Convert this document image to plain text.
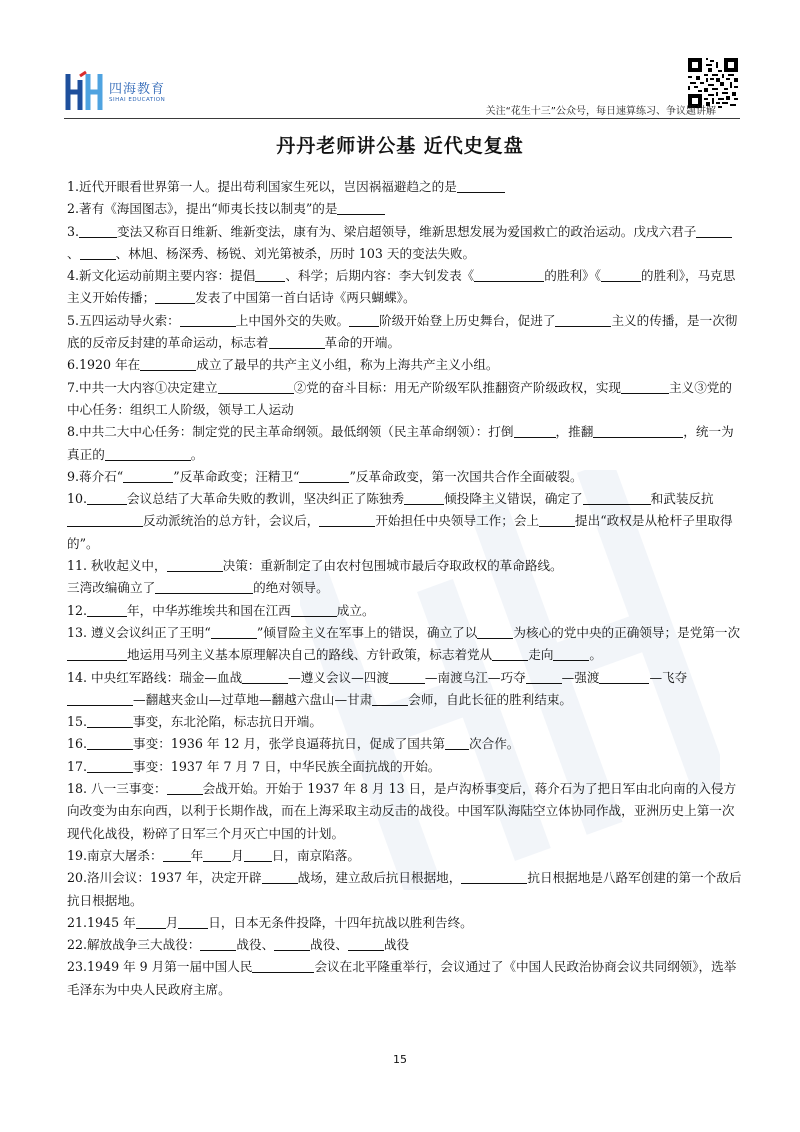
四海教育
SIHAI EDUCATION
关注“花生十三”公众号，每日速算练习、争议题讲解
丹丹老师讲公基 近代史复盘

1.近代开眼看世界第一人。提出苟利国家生死以，岂因祸福避趋之的是

2.著有《海国图志》，提出“师夷长技以制夷”的是

3.	变法又称百日维新、维新变法，康有为、梁启超领导，维新思想发展为爱国救亡的政治运动。戊戌六君子、	、林旭、杨深秀、杨锐、刘光第被杀，历时 103 天的变法失败。

4.新文化运动前期主要内容：提倡 、科学；后期内容：李大钊发表《	的胜利》《	的胜利》，马克思主义开始传播；	发表了中国第一首白话诗《两只蝴蝶》。

5.五四运动导火索：	上中国外交的失败。 阶级开始登上历史舞台，促进了	主义的传播，是一次彻底的反帝反封建的革命运动，标志着	革命的开端。

6.1920 年在	成立了最早的共产主义小组，称为上海共产主义小组。

7.中共一大内容①决定建立	②党的奋斗目标：用无产阶级军队推翻资产阶级政权，实现	主义③党的中心任务：组织工人阶级，领导工人运动

8.中共二大中心任务：制定党的民主革命纲领。最低纲领（民主革命纲领）：打倒	，推翻	，统一为真正的	。

9.蒋介石“	”反革命政变；汪精卫“	”反革命政变，第一次国共合作全面破裂。

10.	会议总结了大革命失败的教训，坚决纠正了陈独秀	倾投降主义错误，确定了	和武装反抗反动派统治的总方针，会议后，	开始担任中央领导工作；会上	提出“政权是从枪杆子里取得的”。

11. 秋收起义中，	决策：重新制定了由农村包围城市最后夺取政权的革命路线。

三湾改编确立了	的绝对领导。

12.	年，中华苏维埃共和国在江西	成立。

13. 遵义会议纠正了王明“	”倾冒险主义在军事上的错误，确立了以	为核心的党中央的正确领导；是党第一次地运用马列主义基本原理解决自己的路线、方针政策，标志着党从	走向	。

14. 中央红军路线：瑞金—血战	—遵义会议—四渡	—南渡乌江—巧夺	—强渡	—飞夺—翻越夹金山—过草地—翻越六盘山—甘肃	会师，自此长征的胜利结束。

15.	事变，东北沦陷，标志抗日开端。

16.	事变：1936 年 12 月，张学良逼蒋抗日，促成了国共第 次合作。

17.	事变：1937 年 7 月 7 日，中华民族全面抗战的开始。

18. 八一三事变：	会战开始。开始于 1937 年 8 月 13 日，是卢沟桥事变后，蒋介石为了把日军由北向南的入侵方向改变为由东向西，以利于长期作战，而在上海采取主动反击的战役。中国军队海陆空立体协同作战，亚洲历史上第一次现代化战役，粉碎了日军三个月灭亡中国的计划。

19.南京大屠杀： 年 月 日，南京陷落。

20.洛川会议：1937 年，决定开辟	战场，建立敌后抗日根据地，	抗日根据地是八路军创建的第一个敌后抗日根据地。

21.1945 年 月 日，日本无条件投降，十四年抗战以胜利告终。

22.解放战争三大战役：	战役、	战役、	战役

23.1949 年 9 月第一届中国人民	会议在北平隆重举行，会议通过了《中国人民政治协商会议共同纲领》，选举毛泽东为中央人民政府主席。

15
